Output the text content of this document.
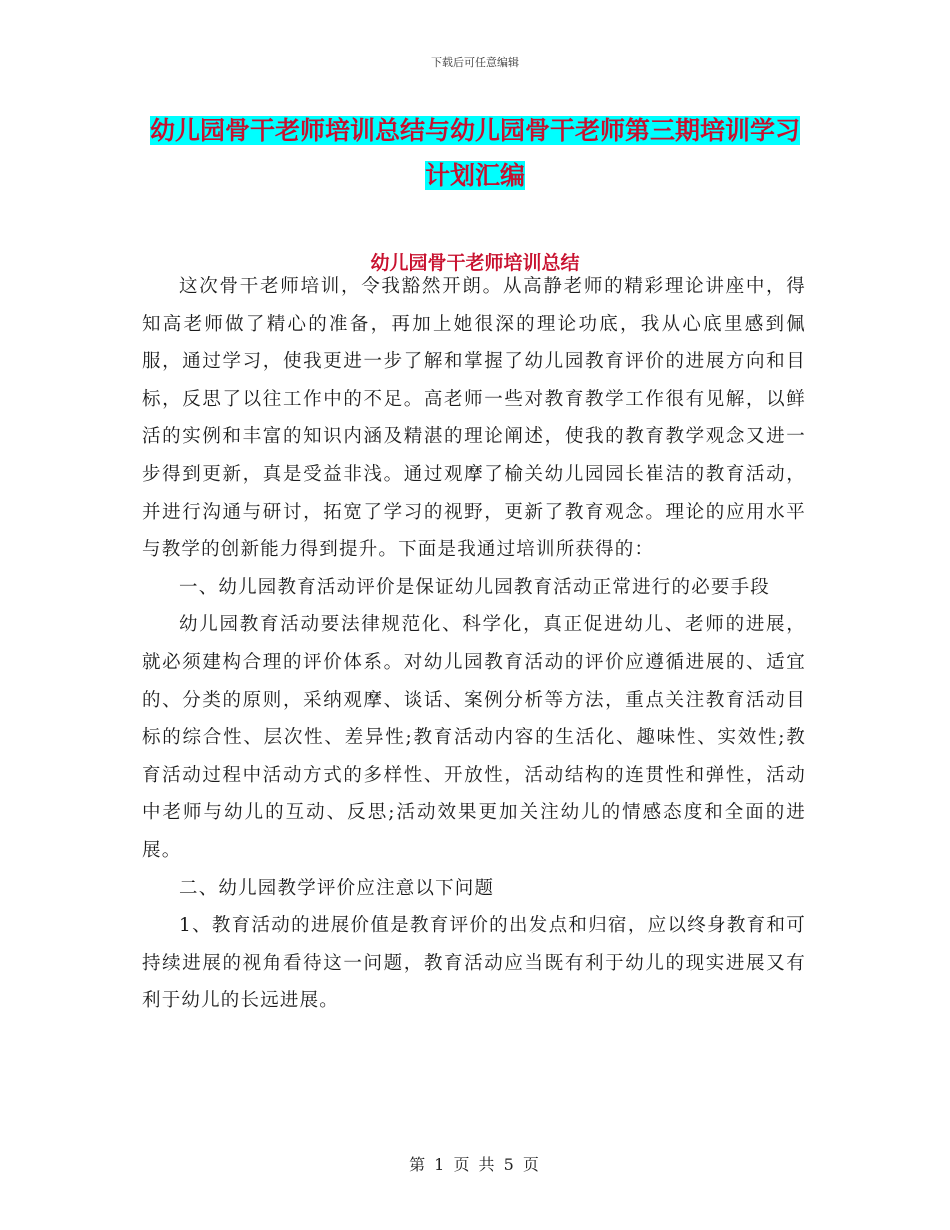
下载后可任意编辑
幼儿园骨干老师培训总结与幼儿园骨干老师第三期培训学习计划汇编
幼儿园骨干老师培训总结

这次骨干老师培训，令我豁然开朗。从高静老师的精彩理论讲座中，得知高老师做了精心的准备，再加上她很深的理论功底，我从心底里感到佩服，通过学习，使我更进一步了解和掌握了幼儿园教育评价的进展方向和目标，反思了以往工作中的不足。高老师一些对教育教学工作很有见解，以鲜活的实例和丰富的知识内涵及精湛的理论阐述，使我的教育教学观念又进一步得到更新，真是受益非浅。通过观摩了榆关幼儿园园长崔洁的教育活动，并进行沟通与研讨，拓宽了学习的视野，更新了教育观念。理论的应用水平与教学的创新能力得到提升。下面是我通过培训所获得的：

一、幼儿园教育活动评价是保证幼儿园教育活动正常进行的必要手段

幼儿园教育活动要法律规范化、科学化，真正促进幼儿、老师的进展，就必须建构合理的评价体系。对幼儿园教育活动的评价应遵循进展的、适宜的、分类的原则，采纳观摩、谈话、案例分析等方法，重点关注教育活动目标的综合性、层次性、差异性;教育活动内容的生活化、趣味性、实效性;教育活动过程中活动方式的多样性、开放性，活动结构的连贯性和弹性，活动中老师与幼儿的互动、反思;活动效果更加关注幼儿的情感态度和全面的进展。

二、幼儿园教学评价应注意以下问题

1、教育活动的进展价值是教育评价的出发点和归宿，应以终身教育和可持续进展的视角看待这一问题，教育活动应当既有利于幼儿的现实进展又有利于幼儿的长远进展。

第 1 页 共 5 页
